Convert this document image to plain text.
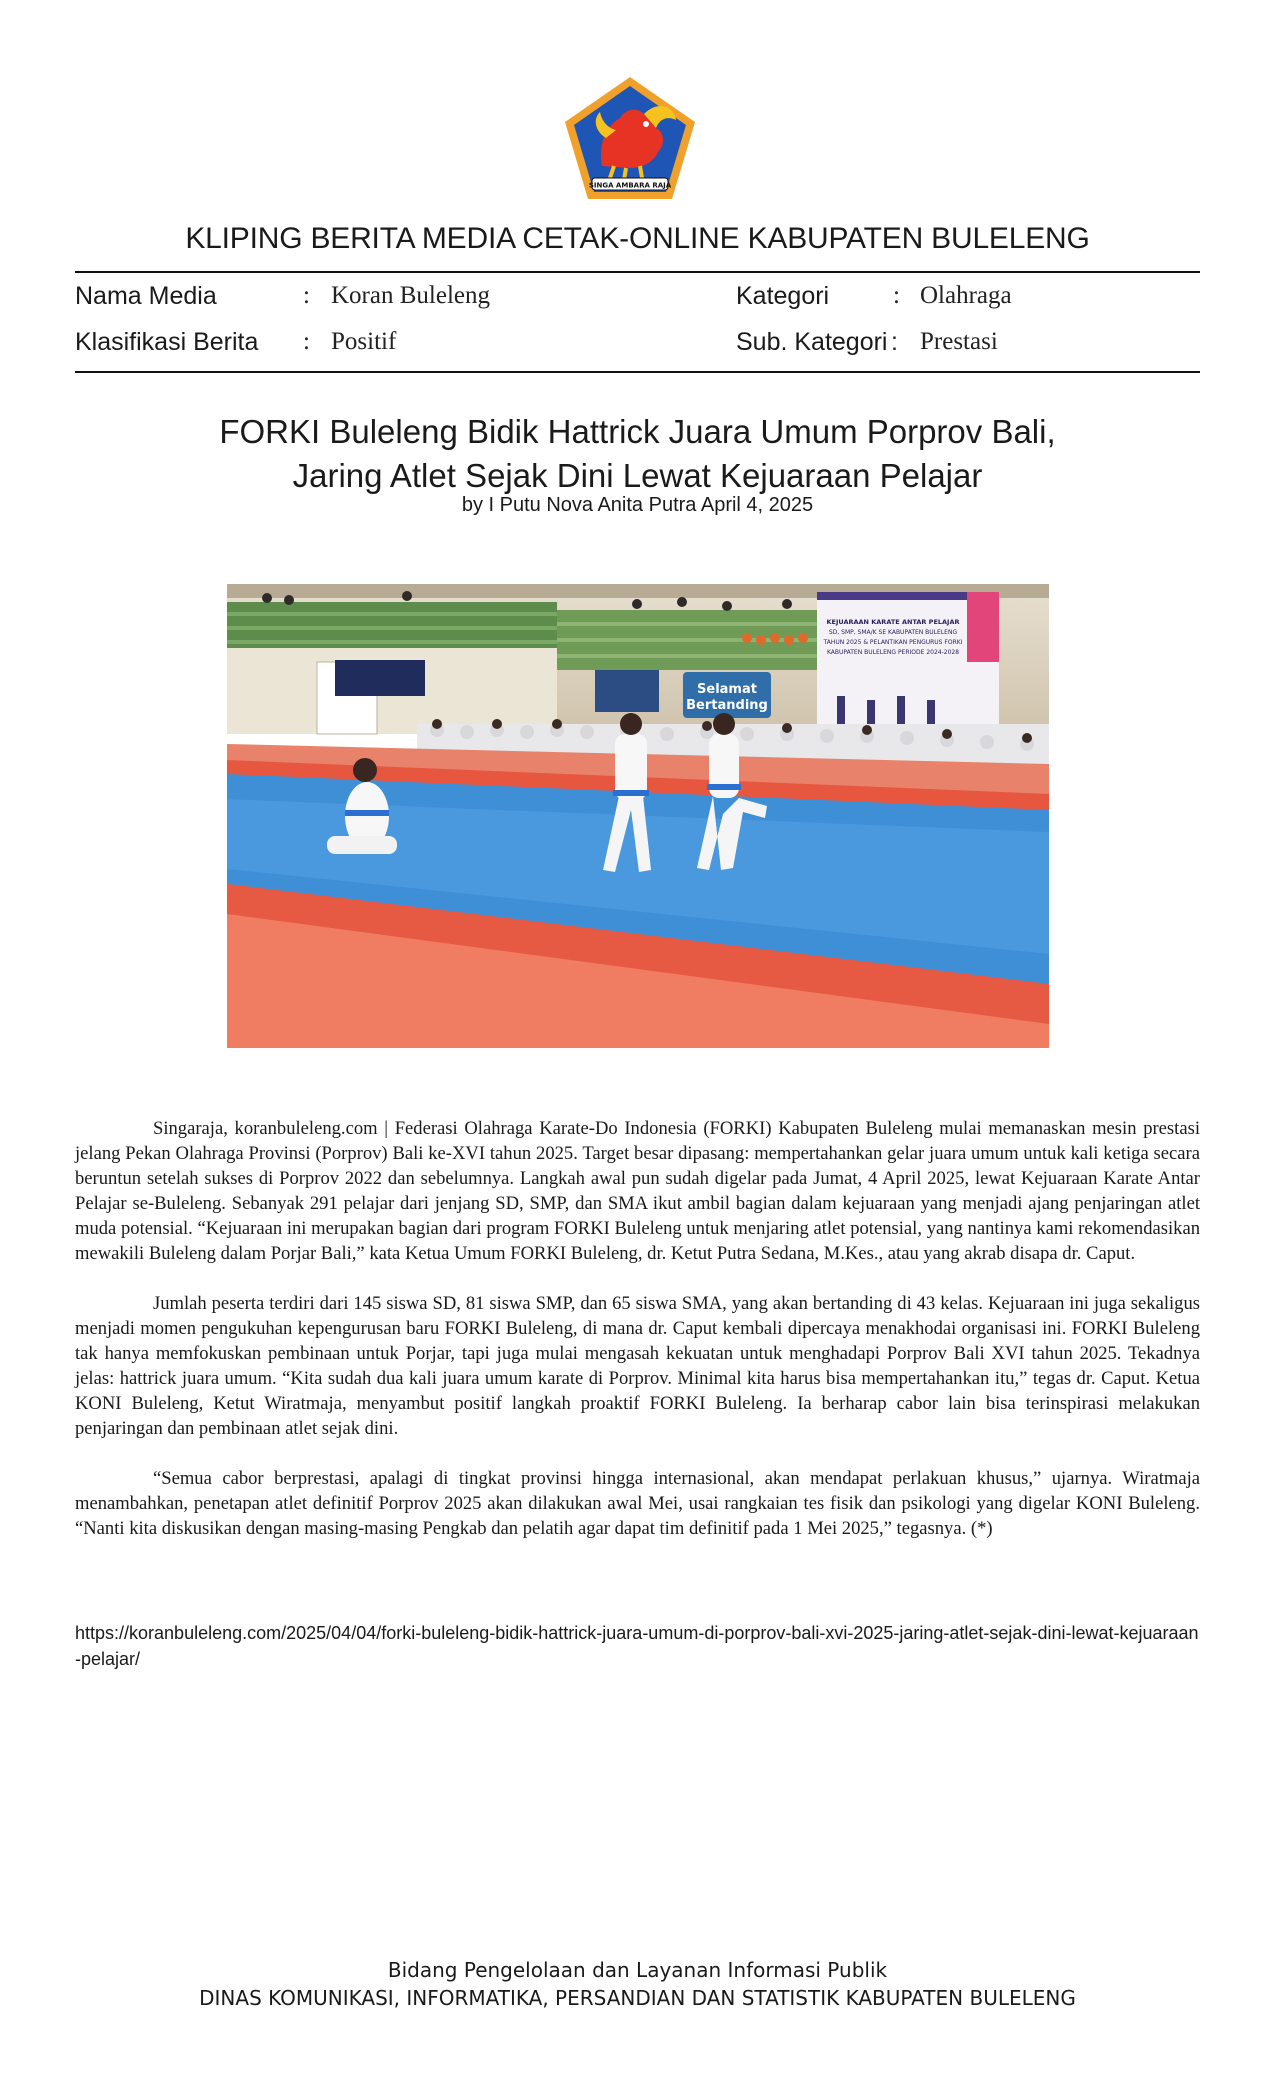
SINGA AMBARA RAJA
KLIPING BERITA MEDIA CETAK-ONLINE KABUPATEN BULELENG
Nama Media	: Koran Buleleng	Kategori	: Olahraga
Klasifikasi Berita : Positif	Sub. Kategori : Prestasi
FORKI Buleleng Bidik Hattrick Juara Umum Porprov Bali,
Jaring Atlet Sejak Dini Lewat Kejuaraan Pelajar
by I Putu Nova Anita Putra April 4, 2025
Selamat
Bertanding
KEJUARAAN KARATE ANTAR PELAJAR
SD, SMP, SMA/K SE KABUPATEN BULELENG
TAHUN 2025 & PELANTIKAN PENGURUS FORKI
KABUPATEN BULELENG PERIODE 2024-2028

Singaraja, koranbuleleng.com | Federasi Olahraga Karate-Do Indonesia (FORKI) Kabupaten Buleleng mulai memanaskan mesin prestasi jelang Pekan Olahraga Provinsi (Porprov) Bali ke-XVI tahun 2025. Target besar dipasang: mempertahankan gelar juara umum untuk kali ketiga secara beruntun setelah sukses di Porprov 2022 dan sebelumnya. Langkah awal pun sudah digelar pada Jumat, 4 April 2025, lewat Kejuaraan Karate Antar Pelajar se-Buleleng. Sebanyak 291 pelajar dari jenjang SD, SMP, dan SMA ikut ambil bagian dalam kejuaraan yang menjadi ajang penjaringan atlet muda potensial. “Kejuaraan ini merupakan bagian dari program FORKI Buleleng untuk menjaring atlet potensial, yang nantinya kami rekomendasikan mewakili Buleleng dalam Porjar Bali,” kata Ketua Umum FORKI Buleleng, dr. Ketut Putra Sedana, M.Kes., atau yang akrab disapa dr. Caput.

Jumlah peserta terdiri dari 145 siswa SD, 81 siswa SMP, dan 65 siswa SMA, yang akan bertanding di 43 kelas. Kejuaraan ini juga sekaligus menjadi momen pengukuhan kepengurusan baru FORKI Buleleng, di mana dr. Caput kembali dipercaya menakhodai organisasi ini. FORKI Buleleng tak hanya memfokuskan pembinaan untuk Porjar, tapi juga mulai mengasah kekuatan untuk menghadapi Porprov Bali XVI tahun 2025. Tekadnya jelas: hattrick juara umum. “Kita sudah dua kali juara umum karate di Porprov. Minimal kita harus bisa mempertahankan itu,” tegas dr. Caput. Ketua KONI Buleleng, Ketut Wiratmaja, menyambut positif langkah proaktif FORKI Buleleng. Ia berharap cabor lain bisa terinspirasi melakukan penjaringan dan pembinaan atlet sejak dini.

“Semua cabor berprestasi, apalagi di tingkat provinsi hingga internasional, akan mendapat perlakuan khusus,” ujarnya. Wiratmaja menambahkan, penetapan atlet definitif Porprov 2025 akan dilakukan awal Mei, usai rangkaian tes fisik dan psikologi yang digelar KONI Buleleng. “Nanti kita diskusikan dengan masing-masing Pengkab dan pelatih agar dapat tim definitif pada 1 Mei 2025,” tegasnya. (*)

https://koranbuleleng.com/2025/04/04/forki-buleleng-bidik-hattrick-juara-umum-di-porprov-bali-xvi-2025-jaring-atlet-sejak-dini-lewat-kejuaraan-pelajar/
Bidang Pengelolaan dan Layanan Informasi Publik
DINAS KOMUNIKASI, INFORMATIKA, PERSANDIAN DAN STATISTIK KABUPATEN BULELENG
